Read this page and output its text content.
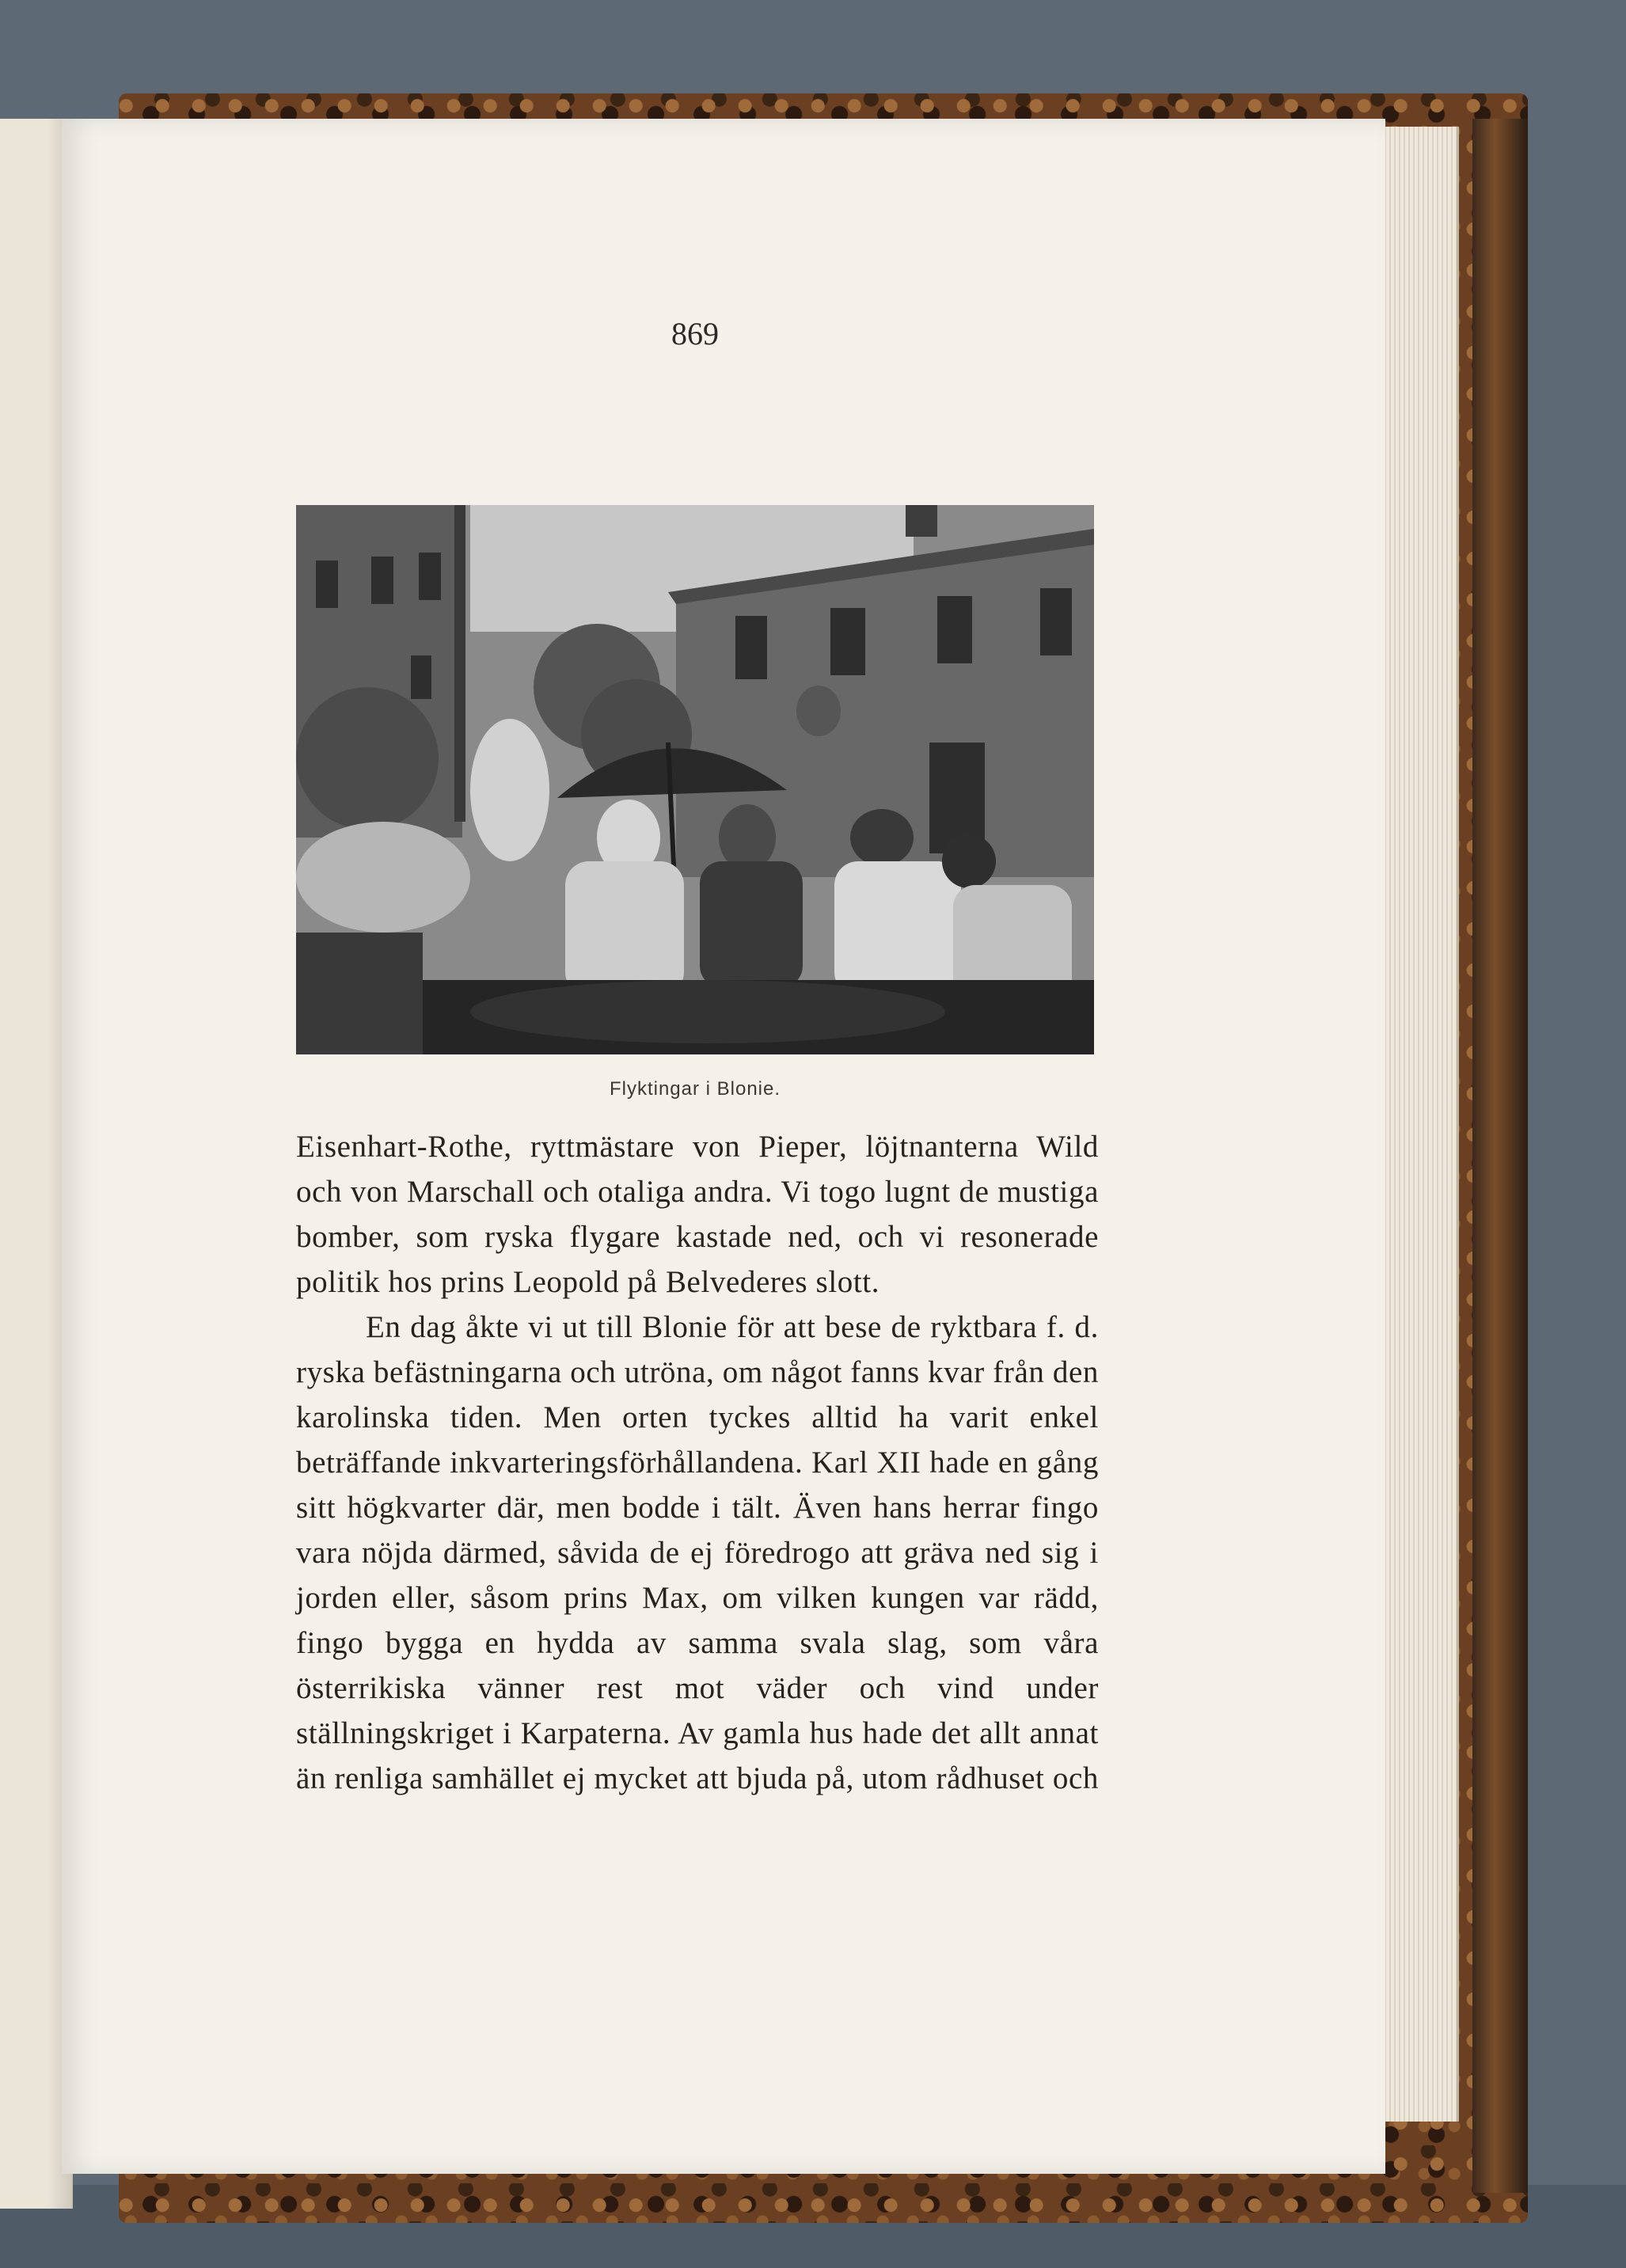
869
Flyktingar i Blonie.

Eisenhart-Rothe, ryttmästare von Pieper, löjtnanterna Wild och von Marschall och otaliga andra. Vi togo lugnt de mustiga bomber, som ryska flygare kastade ned, och vi resonerade politik hos prins Leopold på Belvederes slott.

En dag åkte vi ut till Blonie för att bese de ryktbara f. d. ryska befästningarna och utröna, om något fanns kvar från den karolinska tiden. Men orten tyckes alltid ha varit enkel beträffande inkvarteringsförhållandena. Karl XII hade en gång sitt högkvarter där, men bodde i tält. Även hans herrar fingo vara nöjda därmed, såvida de ej föredrogo att gräva ned sig i jorden eller, såsom prins Max, om vilken kungen var rädd, fingo bygga en hydda av samma svala slag, som våra österrikiska vänner rest mot väder och vind under ställningskriget i Karpaterna. Av gamla hus hade det allt annat än renliga samhället ej mycket att bjuda på, utom rådhuset och
